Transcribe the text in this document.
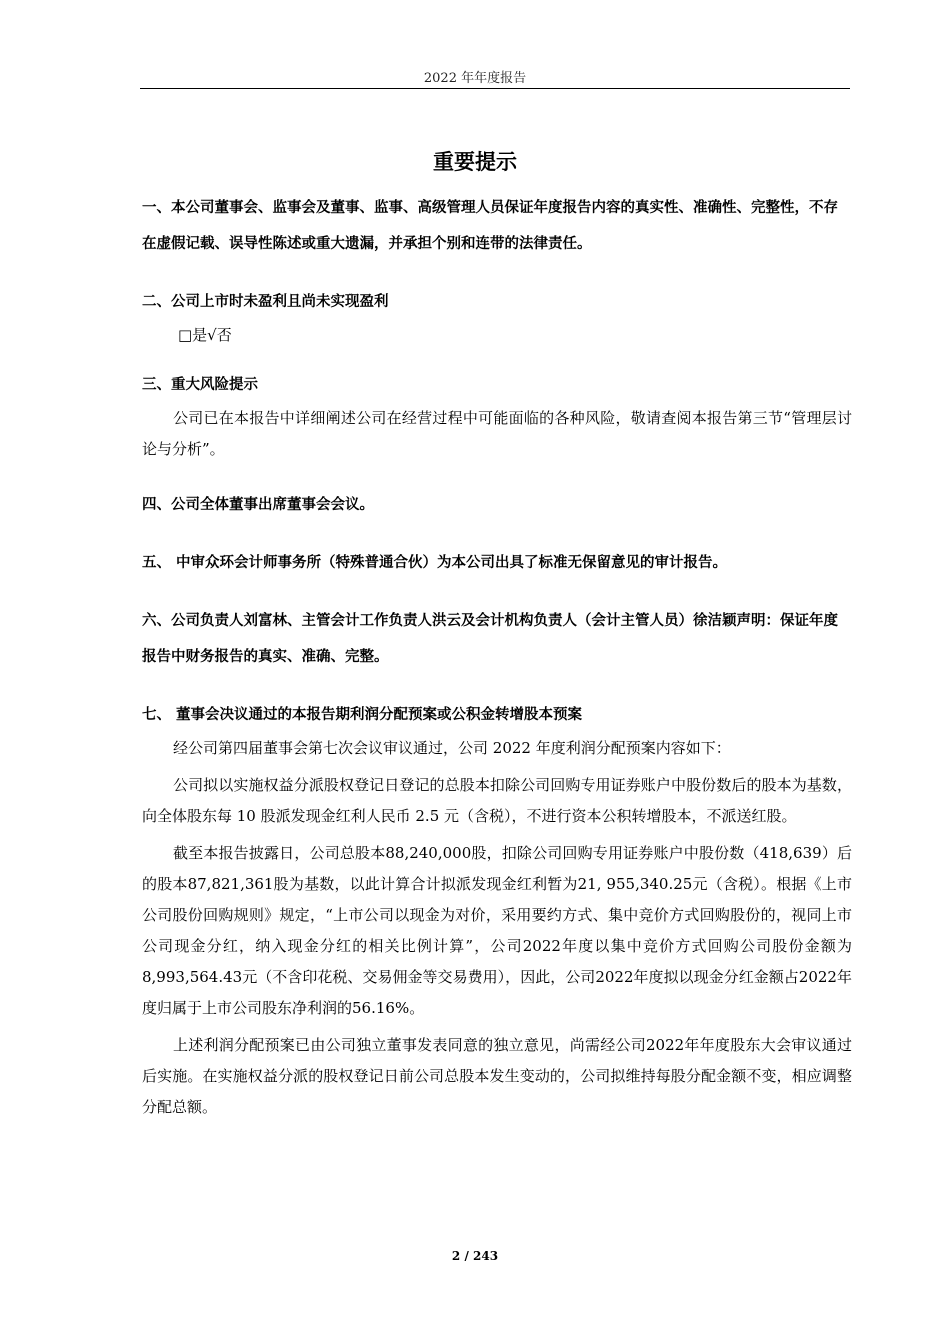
2022 年年度报告
重要提示

一、本公司董事会、监事会及董事、监事、高级管理人员保证年度报告内容的真实性、准确性、完整性，不存在虚假记载、误导性陈述或重大遗漏，并承担个别和连带的法律责任。

二、公司上市时未盈利且尚未实现盈利

□是√否

三、重大风险提示

公司已在本报告中详细阐述公司在经营过程中可能面临的各种风险，敬请查阅本报告第三节“管理层讨论与分析”。

四、公司全体董事出席董事会会议。

五、 中审众环会计师事务所（特殊普通合伙）为本公司出具了标准无保留意见的审计报告。

六、公司负责人刘富林、主管会计工作负责人洪云及会计机构负责人（会计主管人员）徐洁颖声明：保证年度报告中财务报告的真实、准确、完整。

七、 董事会决议通过的本报告期利润分配预案或公积金转增股本预案

经公司第四届董事会第七次会议审议通过，公司 2022 年度利润分配预案内容如下：

公司拟以实施权益分派股权登记日登记的总股本扣除公司回购专用证券账户中股份数后的股本为基数，向全体股东每 10 股派发现金红利人民币 2.5 元（含税），不进行资本公积转增股本，不派送红股。

截至本报告披露日，公司总股本88,240,000股，扣除公司回购专用证券账户中股份数（418,639）后的股本87,821,361股为基数，以此计算合计拟派发现金红利暂为21, 955,340.25元（含税）。根据《上市公司股份回购规则》规定，“上市公司以现金为对价，采用要约方式、集中竞价方式回购股份的，视同上市公司现金分红，纳入现金分红的相关比例计算”，公司2022年度以集中竞价方式回购公司股份金额为8,993,564.43元（不含印花税、交易佣金等交易费用），因此，公司2022年度拟以现金分红金额占2022年度归属于上市公司股东净利润的56.16%。

上述利润分配预案已由公司独立董事发表同意的独立意见，尚需经公司2022年年度股东大会审议通过后实施。在实施权益分派的股权登记日前公司总股本发生变动的，公司拟维持每股分配金额不变，相应调整分配总额。

2 / 243
